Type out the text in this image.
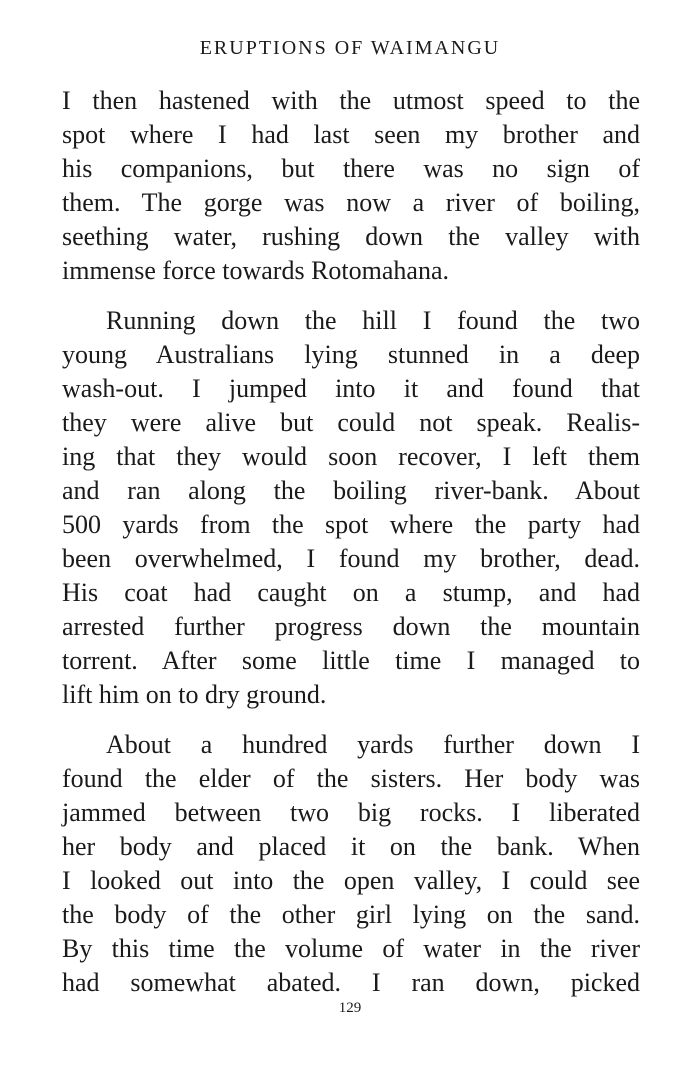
ERUPTIONS OF WAIMANGU
I then hastened with the utmost speed to the
spot where I had last seen my brother and
his companions, but there was no sign of
them. The gorge was now a river of boiling,
seething water, rushing down the valley with
immense force towards Rotomahana.
Running down the hill I found the two
young Australians lying stunned in a deep
wash-out. I jumped into it and found that
they were alive but could not speak. Realis-
ing that they would soon recover, I left them
and ran along the boiling river-bank. About
500 yards from the spot where the party had
been overwhelmed, I found my brother, dead.
His coat had caught on a stump, and had
arrested further progress down the mountain
torrent. After some little time I managed to
lift him on to dry ground.
About a hundred yards further down I
found the elder of the sisters. Her body was
jammed between two big rocks. I liberated
her body and placed it on the bank. When
I looked out into the open valley, I could see
the body of the other girl lying on the sand.
By this time the volume of water in the river
had somewhat abated. I ran down, picked
129
